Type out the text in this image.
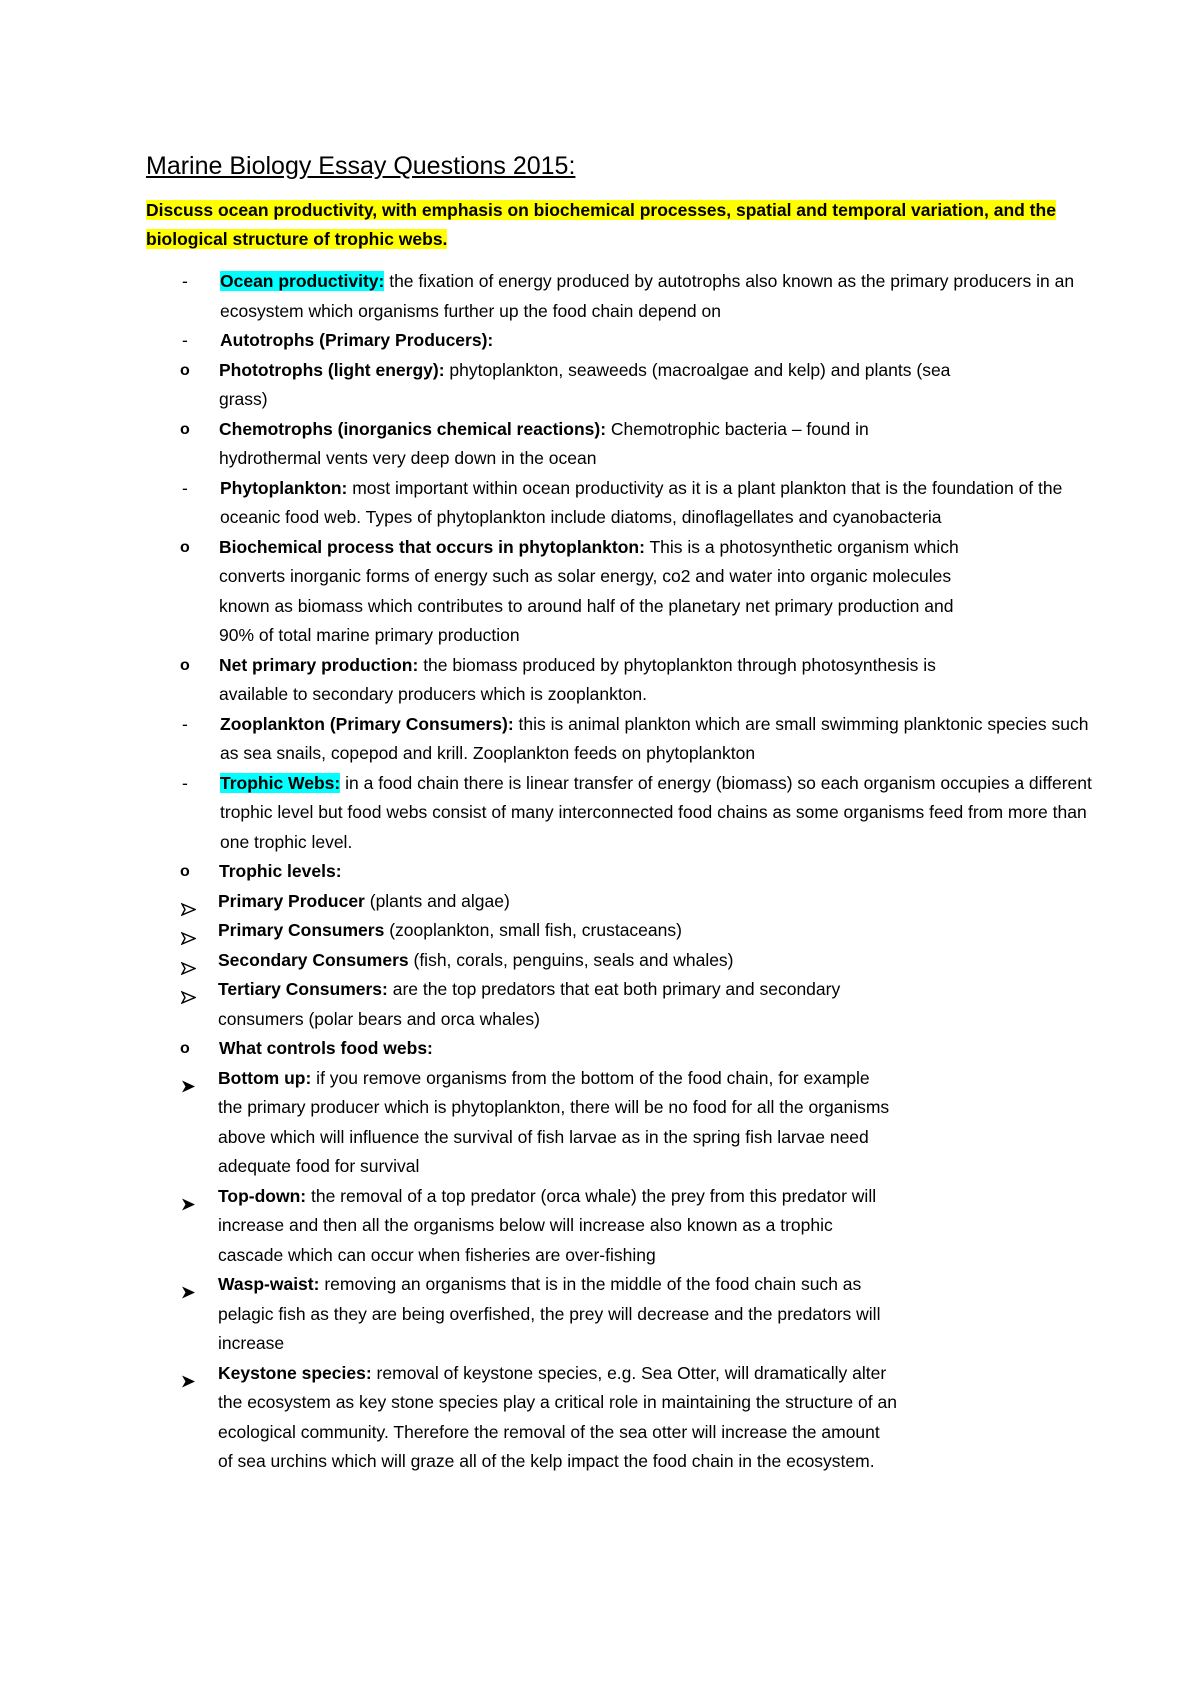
Marine Biology Essay Questions 2015:
Discuss ocean productivity, with emphasis on biochemical processes, spatial and temporal variation, and the biological structure of trophic webs.
- Ocean productivity: the fixation of energy produced by autotrophs also known as the primary producers in an ecosystem which organisms further up the food chain depend on
- Autotrophs (Primary Producers):
o Phototrophs (light energy): phytoplankton, seaweeds (macroalgae and kelp) and plants (sea grass)
o Chemotrophs (inorganics chemical reactions): Chemotrophic bacteria – found in hydrothermal vents very deep down in the ocean
- Phytoplankton: most important within ocean productivity as it is a plant plankton that is the foundation of the oceanic food web. Types of phytoplankton include diatoms, dinoflagellates and cyanobacteria
o Biochemical process that occurs in phytoplankton: This is a photosynthetic organism which converts inorganic forms of energy such as solar energy, co2 and water into organic molecules known as biomass which contributes to around half of the planetary net primary production and 90% of total marine primary production
o Net primary production: the biomass produced by phytoplankton through photosynthesis is available to secondary producers which is zooplankton.
- Zooplankton (Primary Consumers): this is animal plankton which are small swimming planktonic species such as sea snails, copepod and krill. Zooplankton feeds on phytoplankton
- Trophic Webs: in a food chain there is linear transfer of energy (biomass) so each organism occupies a different trophic level but food webs consist of many interconnected food chains as some organisms feed from more than one trophic level.
o Trophic levels:
Primary Producer (plants and algae)
Primary Consumers (zooplankton, small fish, crustaceans)
Secondary Consumers (fish, corals, penguins, seals and whales)
Tertiary Consumers: are the top predators that eat both primary and secondary consumers (polar bears and orca whales)
o What controls food webs:
Bottom up: if you remove organisms from the bottom of the food chain, for example the primary producer which is phytoplankton, there will be no food for all the organisms above which will influence the survival of fish larvae as in the spring fish larvae need adequate food for survival
Top-down: the removal of a top predator (orca whale) the prey from this predator will increase and then all the organisms below will increase also known as a trophic cascade which can occur when fisheries are over-fishing
Wasp-waist: removing an organisms that is in the middle of the food chain such as pelagic fish as they are being overfished, the prey will decrease and the predators will increase
Keystone species: removal of keystone species, e.g. Sea Otter, will dramatically alter the ecosystem as key stone species play a critical role in maintaining the structure of an ecological community. Therefore the removal of the sea otter will increase the amount of sea urchins which will graze all of the kelp impact the food chain in the ecosystem.
